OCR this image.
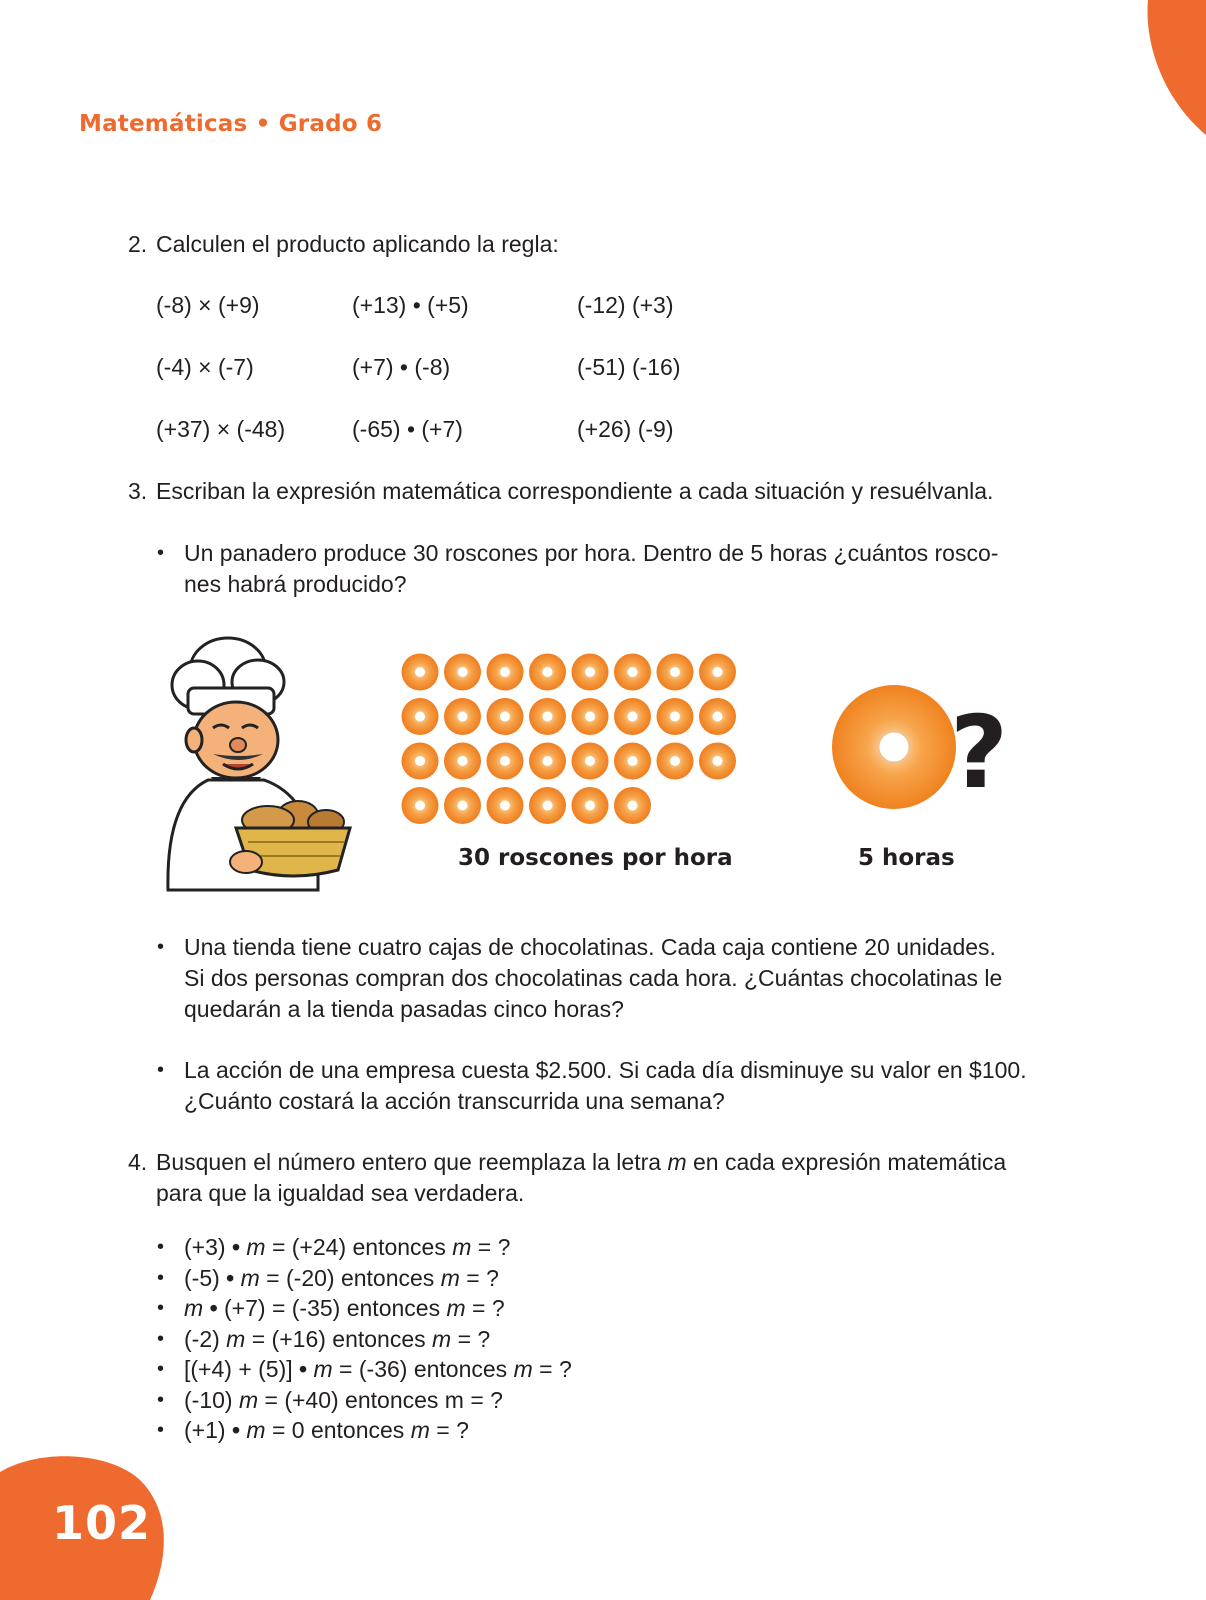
Matemáticas • Grado 6
102
2. Calculen el producto aplicando la regla:
(-8) × (+9)	(+13) • (+5)	(-12) (+3)
(-4) × (-7)	(+7) • (-8)	(-51) (-16)
(+37) × (-48)	(-65) • (+7)	(+26) (-9)
3. Escriban la expresión matemática correspondiente a cada situación y resuélvanla.
• Un panadero produce 30 roscones por hora. Dentro de 5 horas ¿cuántos rosco-
nes habrá producido?
30 roscones por hora
?
5 horas
• Una tienda tiene cuatro cajas de chocolatinas. Cada caja contiene 20 unidades.
Si dos personas compran dos chocolatinas cada hora. ¿Cuántas chocolatinas le
quedarán a la tienda pasadas cinco horas?
• La acción de una empresa cuesta $2.500. Si cada día disminuye su valor en $100.
¿Cuánto costará la acción transcurrida una semana?
4. Busquen el número entero que reemplaza la letra m en cada expresión matemática
para que la igualdad sea verdadera.
• (+3) • m = (+24) entonces m = ?
• (-5) • m = (-20) entonces m = ?
• m • (+7) = (-35) entonces m = ?
• (-2) m = (+16) entonces m = ?
• [(+4) + (5)] • m = (-36) entonces m = ?
• (-10) m = (+40) entonces m = ?
• (+1) • m = 0 entonces m = ?
